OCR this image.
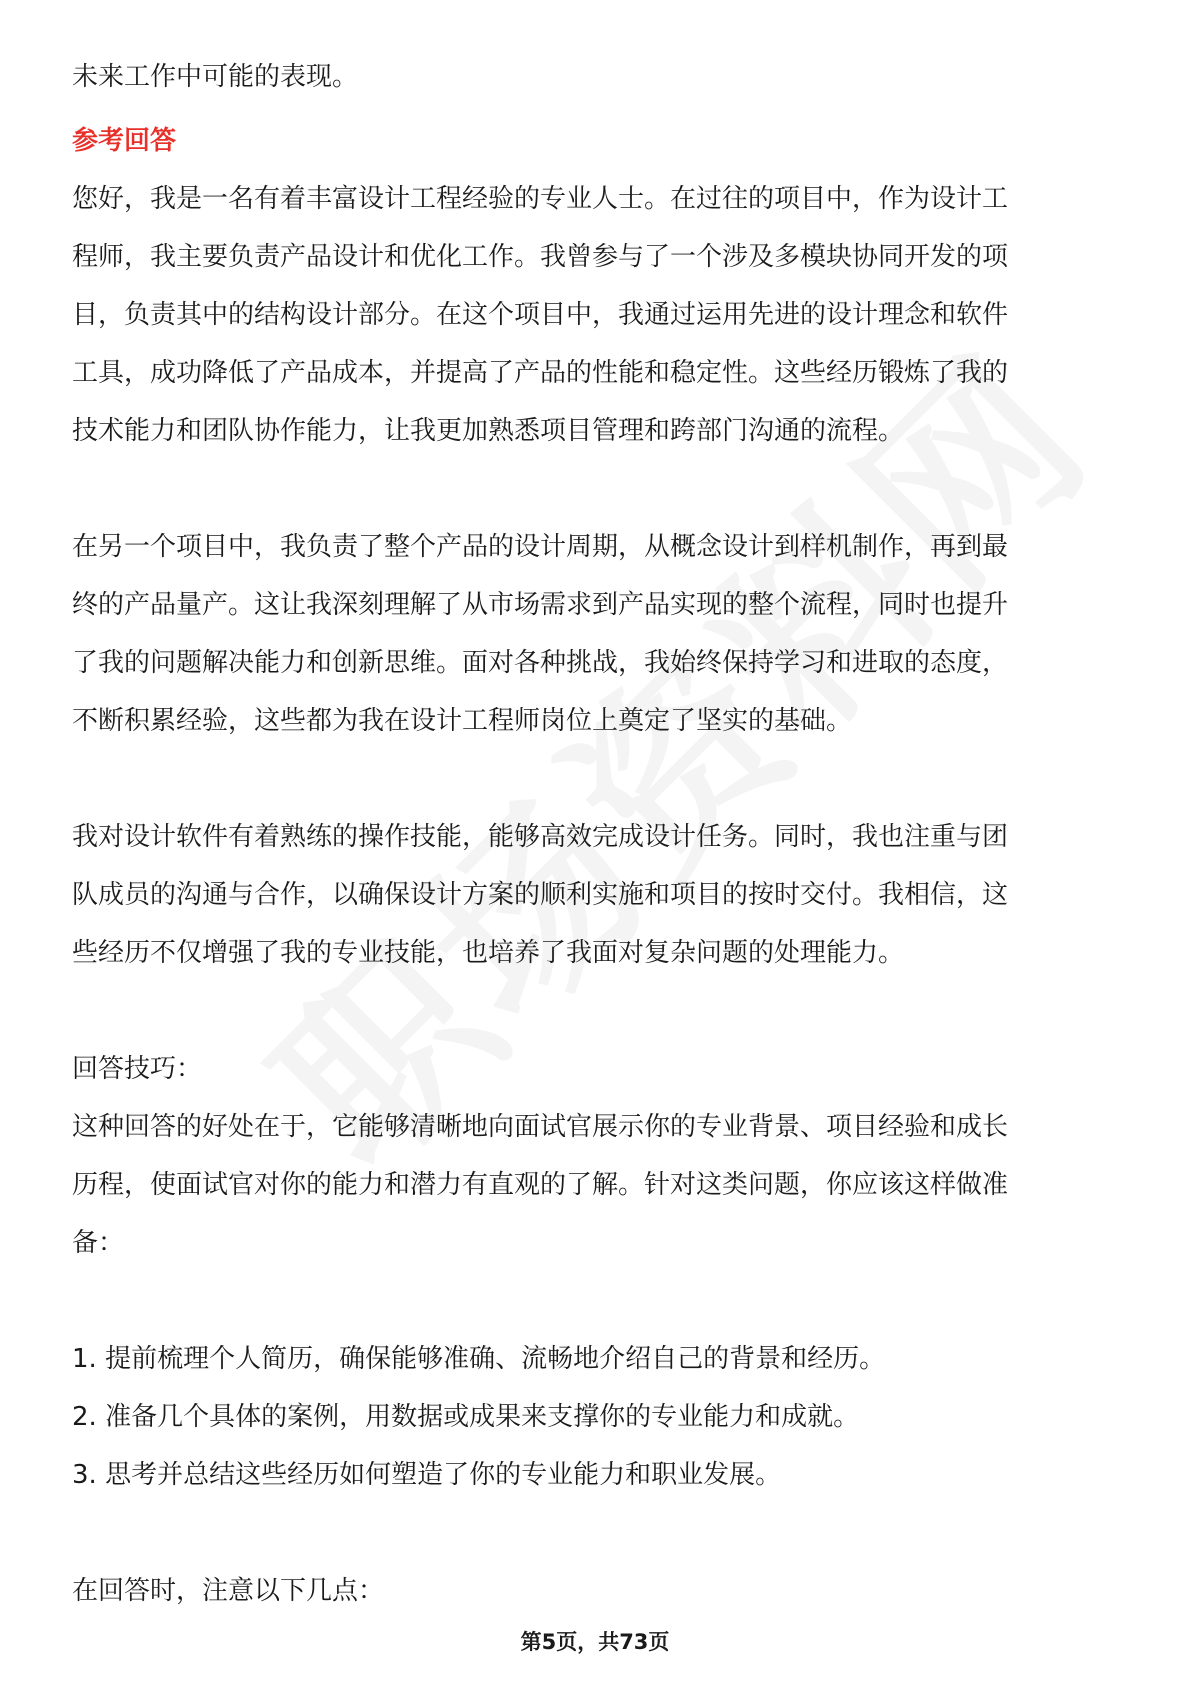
未来工作中可能的表现。

参考回答

您好，我是一名有着丰富设计工程经验的专业人士。在过往的项目中，作为设计工

程师，我主要负责产品设计和优化工作。我曾参与了一个涉及多模块协同开发的项

目，负责其中的结构设计部分。在这个项目中，我通过运用先进的设计理念和软件

工具，成功降低了产品成本，并提高了产品的性能和稳定性。这些经历锻炼了我的

技术能力和团队协作能力，让我更加熟悉项目管理和跨部门沟通的流程。

在另一个项目中，我负责了整个产品的设计周期，从概念设计到样机制作，再到最

终的产品量产。这让我深刻理解了从市场需求到产品实现的整个流程，同时也提升

了我的问题解决能力和创新思维。面对各种挑战，我始终保持学习和进取的态度，

不断积累经验，这些都为我在设计工程师岗位上奠定了坚实的基础。

我对设计软件有着熟练的操作技能，能够高效完成设计任务。同时，我也注重与团

队成员的沟通与合作，以确保设计方案的顺利实施和项目的按时交付。我相信，这

些经历不仅增强了我的专业技能，也培养了我面对复杂问题的处理能力。

回答技巧：

这种回答的好处在于，它能够清晰地向面试官展示你的专业背景、项目经验和成长

历程，使面试官对你的能力和潜力有直观的了解。针对这类问题，你应该这样做准

备：

1. 提前梳理个人简历，确保能够准确、流畅地介绍自己的背景和经历。

2. 准备几个具体的案例，用数据或成果来支撑你的专业能力和成就。

3. 思考并总结这些经历如何塑造了你的专业能力和职业发展。

在回答时，注意以下几点：

第5页，共73页
